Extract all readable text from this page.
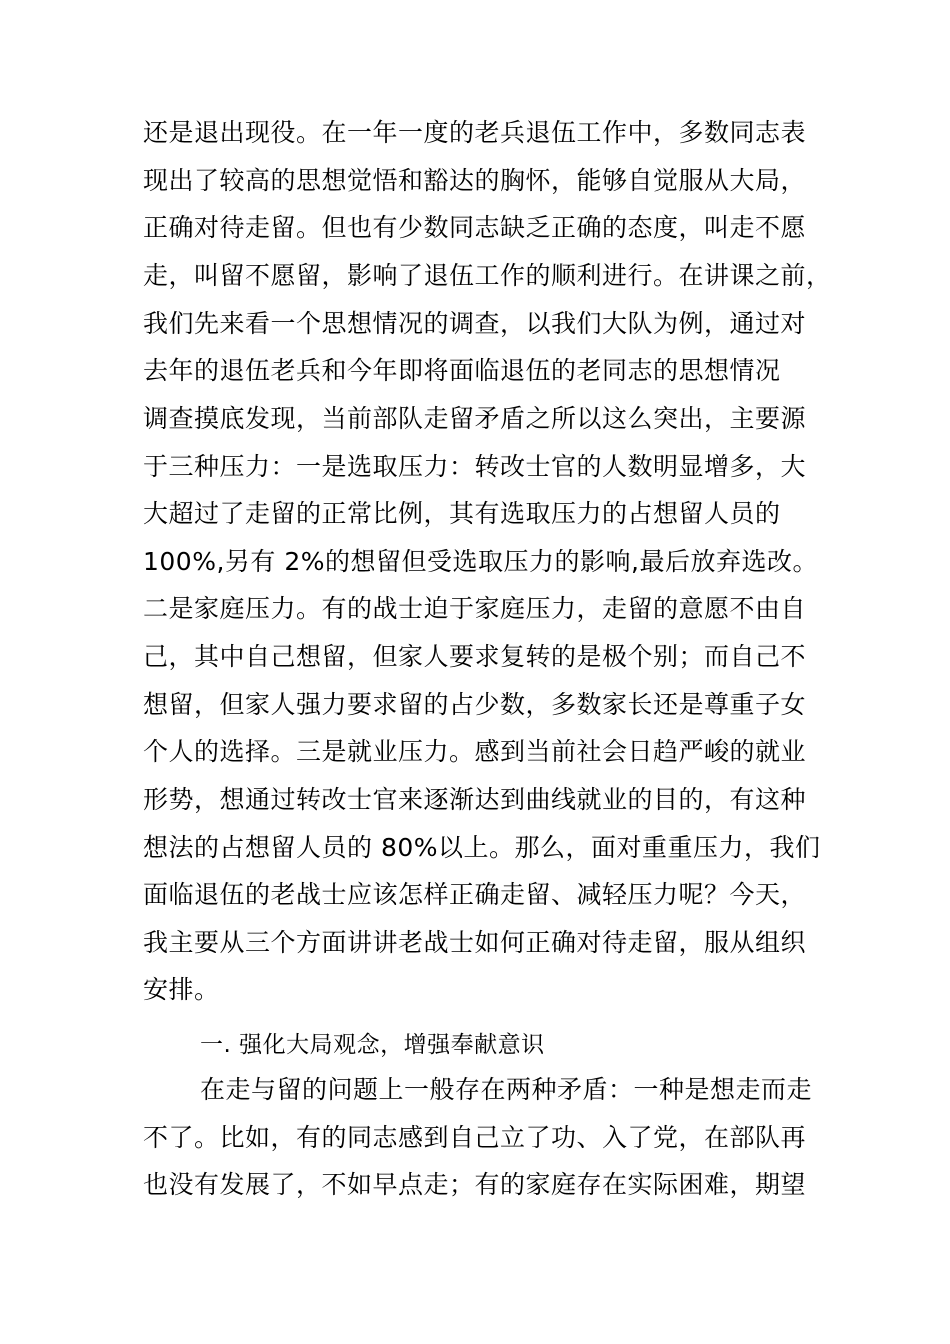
还是退出现役。在一年一度的老兵退伍工作中，多数同志表
现出了较高的思想觉悟和豁达的胸怀，能够自觉服从大局，
正确对待走留。但也有少数同志缺乏正确的态度，叫走不愿
走，叫留不愿留，影响了退伍工作的顺利进行。在讲课之前，
我们先来看一个思想情况的调查，以我们大队为例，通过对
去年的退伍老兵和今年即将面临退伍的老同志的思想情况
调查摸底发现，当前部队走留矛盾之所以这么突出，主要源
于三种压力：一是选取压力：转改士官的人数明显增多，大
大超过了走留的正常比例，其有选取压力的占想留人员的
100%,另有 2%的想留但受选取压力的影响,最后放弃选改。
二是家庭压力。有的战士迫于家庭压力，走留的意愿不由自
己，其中自己想留，但家人要求复转的是极个别；而自己不
想留，但家人强力要求留的占少数，多数家长还是尊重子女
个人的选择。三是就业压力。感到当前社会日趋严峻的就业
形势，想通过转改士官来逐渐达到曲线就业的目的，有这种
想法的占想留人员的 80%以上。那么，面对重重压力，我们
面临退伍的老战士应该怎样正确走留、减轻压力呢？今天，
我主要从三个方面讲讲老战士如何正确对待走留，服从组织
安排。
一. 强化大局观念，增强奉献意识
在走与留的问题上一般存在两种矛盾：一种是想走而走
不了。比如，有的同志感到自己立了功、入了党，在部队再
也没有发展了，不如早点走；有的家庭存在实际困难，期望
